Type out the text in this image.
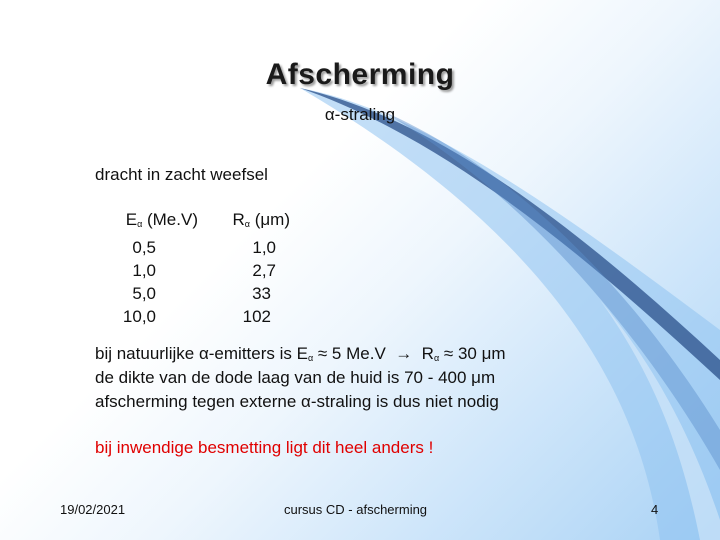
Afscherming
α-straling
dracht in zacht weefsel
$E_\alpha$ (Me.V)
0,5
1,0
5,0
10,0
$R_\alpha$ (μm)
1,0
2,7
33
102
bij natuurlijke α-emitters is $E_\alpha \approx 5$ $Me.V \to R_\alpha \approx 30$ μm
de dikte van de dode laag van de huid is 70 - 400 μm
afscherming tegen externe α-straling is dus niet nodig
bij inwendige besmetting ligt dit heel anders !
19/02/2021	cursus CD - afscherming	4
